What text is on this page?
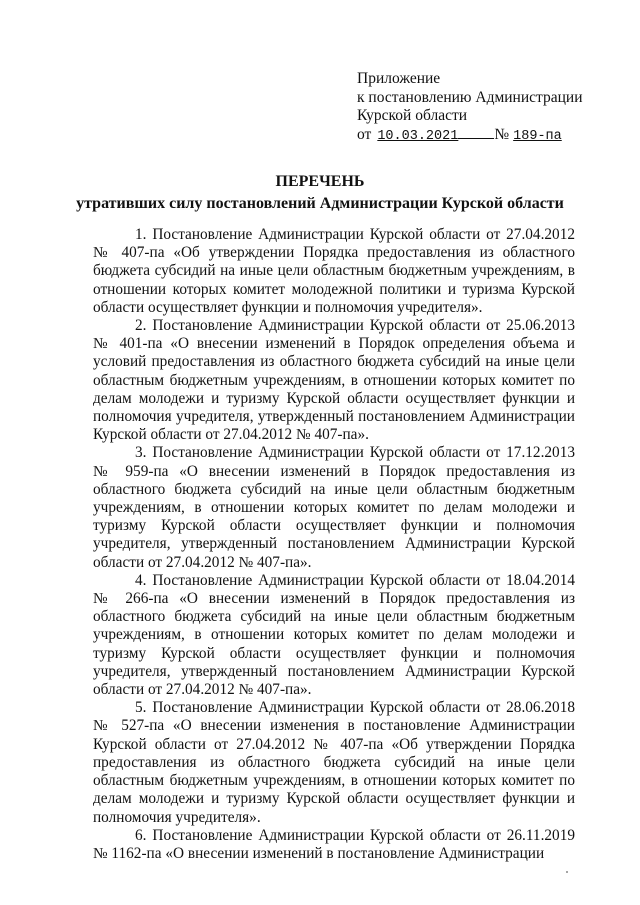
Приложение
к постановлению Администрации
Курской области
от 10.03.2021 № 189-па
ПЕРЕЧЕНЬ
утративших силу постановлений Администрации Курской области

1. Постановление Администрации Курской области от 27.04.2012 № 407-па «Об утверждении Порядка предоставления из областного бюджета субсидий на иные цели областным бюджетным учреждениям, в отношении которых комитет молодежной политики и туризма Курской области осуществляет функции и полномочия учредителя».

2. Постановление Администрации Курской области от 25.06.2013 № 401-па «О внесении изменений в Порядок определения объема и условий предоставления из областного бюджета субсидий на иные цели областным бюджетным учреждениям, в отношении которых комитет по делам молодежи и туризму Курской области осуществляет функции и полномочия учредителя, утвержденный постановлением Администрации Курской области от 27.04.2012 № 407-па».

3. Постановление Администрации Курской области от 17.12.2013 № 959-па «О внесении изменений в Порядок предоставления из областного бюджета субсидий на иные цели областным бюджетным учреждениям, в отношении которых комитет по делам молодежи и туризму Курской области осуществляет функции и полномочия учредителя, утвержденный постановлением Администрации Курской области от 27.04.2012 № 407-па».

4. Постановление Администрации Курской области от 18.04.2014 № 266-па «О внесении изменений в Порядок предоставления из областного бюджета субсидий на иные цели областным бюджетным учреждениям, в отношении которых комитет по делам молодежи и туризму Курской области осуществляет функции и полномочия учредителя, утвержденный постановлением Администрации Курской области от 27.04.2012 № 407-па».

5. Постановление Администрации Курской области от 28.06.2018 № 527-па «О внесении изменения в постановление Администрации Курской области от 27.04.2012 № 407-па «Об утверждении Порядка предоставления из областного бюджета субсидий на иные цели областным бюджетным учреждениям, в отношении которых комитет по делам молодежи и туризму Курской области осуществляет функции и полномочия учредителя».

6. Постановление Администрации Курской области от 26.11.2019 № 1162-па «О внесении изменений в постановление Администрации
